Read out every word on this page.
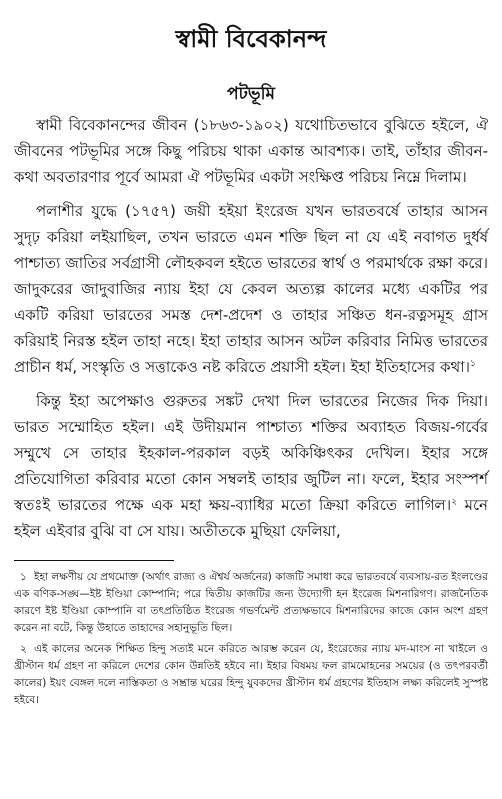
স্বামী বিবেকানন্দ
পটভূমি

স্বামী বিবেকানন্দের জীবন (১৮৬৩-১৯০২) যথোচিতভাবে বুঝিতে হইলে, ঐ জীবনের পটভূমির সঙ্গে কিছু পরিচয় থাকা একান্ত আবশ্যক। তাই, তাঁহার জীবন-কথা অবতারণার পূর্বে আমরা ঐ পটভূমির একটা সংক্ষিপ্ত পরিচয় নিম্নে দিলাম।

পলাশীর যুদ্ধে (১৭৫৭) জয়ী হইয়া ইংরেজ যখন ভারতবর্ষে তাহার আসন সুদৃঢ় করিয়া লইয়াছিল, তখন ভারতে এমন শক্তি ছিল না যে এই নবাগত দুর্ধর্ষ পাশ্চাত্য জাতির সর্বগ্রাসী লৌহকবল হইতে ভারতের স্বার্থ ও পরমার্থকে রক্ষা করে। জাদুকরের জাদুবাজির ন্যায় ইহা যে কেবল অত্যল্প কালের মধ্যে একটির পর একটি করিয়া ভারতের সমস্ত দেশ-প্রদেশ ও তাহার সঞ্চিত ধন-রত্নসমূহ গ্রাস করিয়াই নিরস্ত হইল তাহা নহে। ইহা তাহার আসন অটল করিবার নিমিত্ত ভারতের প্রাচীন ধর্ম, সংস্কৃতি ও সত্তাকেও নষ্ট করিতে প্রয়াসী হইল। ইহা ইতিহাসের কথা।$^১$

কিন্তু ইহা অপেক্ষাও গুরুতর সঙ্কট দেখা দিল ভারতের নিজের দিক দিয়া। ভারত সম্মোহিত হইল। এই উদীয়মান পাশ্চাত্য শক্তির অব্যাহত বিজয়-গর্বের সম্মুখে সে তাহার ইহকাল-পরকাল বড়ই অকিঞ্চিৎকর দেখিল। ইহার সঙ্গে প্রতিযোগিতা করিবার মতো কোন সম্বলই তাহার জুটিল না। ফলে, ইহার সংস্পর্শ স্বতঃই ভারতের পক্ষে এক মহা ক্ষয়-ব্যাধির মতো ক্রিয়া করিতে লাগিল।$^২$ মনে হইল এইবার বুঝি বা সে যায়। অতীতকে মুছিয়া ফেলিয়া,

১ ইহা লক্ষণীয় যে প্রথমোক্ত (অর্থাৎ রাজ্য ও ঐশ্বর্য অর্জনের) কাজটি সমাধা করে ভারতবর্ষে ব্যবসায়-রত ইংলণ্ডের এক বণিক-সঙ্ঘ—ইষ্ট ইণ্ডিয়া কোম্পানি; পরে দ্বিতীয় কাজটির জন্য উদ্যোগী হন ইংরেজ মিশনারিগণ। রাজনৈতিক কারণে ইষ্ট ইণ্ডিয়া কোম্পানি বা তৎপ্রতিষ্ঠিত ইংরেজ গভর্ণমেন্ট প্রত্যক্ষভাবে মিশনারিদের কাজে কোন অংশ গ্রহণ করেন না বটে, কিন্তু উহাতে তাহাদের সহানুভূতি ছিল।

২ এই কালের অনেক শিক্ষিত হিন্দু সত্যই মনে করিতে আরম্ভ করেন যে, ইংরেজের ন্যায় মদ-মাংস না খাইলে ও খ্রীস্টান ধর্ম গ্রহণ না করিলে দেশের কোন উন্নতিই হইবে না। ইহার বিষময় ফল রামমোহনের সময়ের (ও তৎপরবর্তী কালের) ইয়ং বেঙ্গল দলে নাস্তিকতা ও সম্ভ্রান্ত ঘরের হিন্দু যুবকদের খ্রীস্টান ধর্ম গ্রহণের ইতিহাস লক্ষ্য করিলেই সুস্পষ্ট হইবে।
